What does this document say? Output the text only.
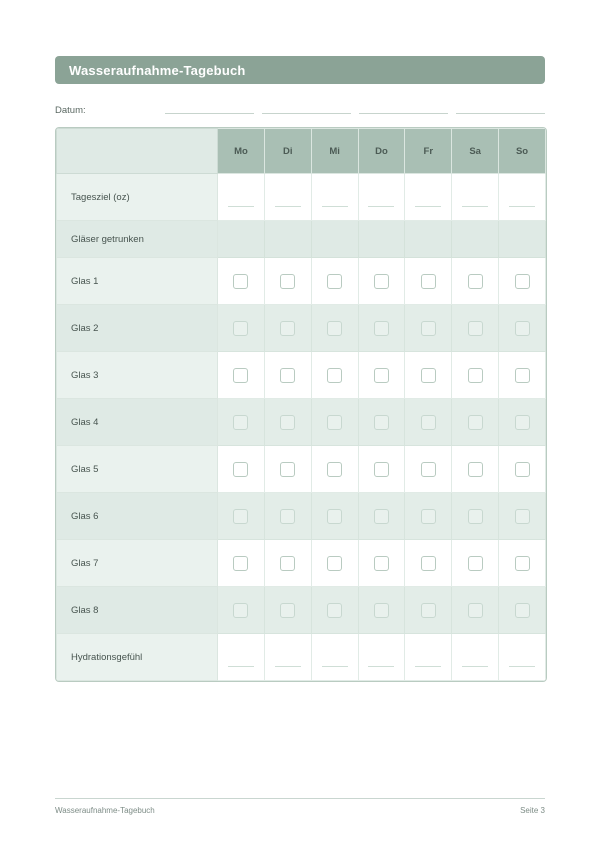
Wasseraufnahme-Tagebuch
Datum:
	Mo	Di	Mi	Do	Fr	Sa	So
Tagesziel (oz)	

Gläser getrunken							
Glas 1	

Glas 2	

Glas 3	

Glas 4	

Glas 5	

Glas 6	

Glas 7	

Glas 8	

Hydrationsgefühl	

Wasseraufnahme-Tagebuch	Seite 3
